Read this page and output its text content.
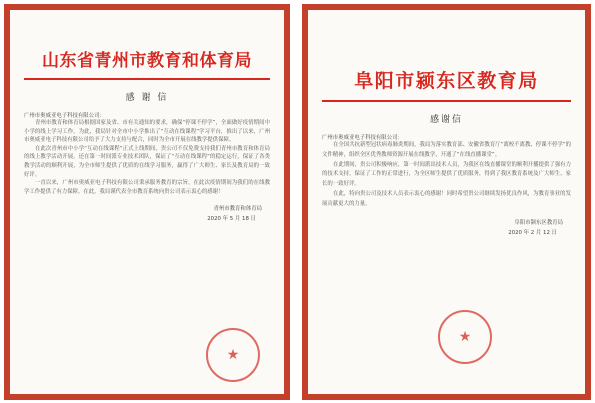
山东省青州市教育和体育局
感 谢 信
广州市奥威亚电子科技有限公司：

青州市教育和体育局根据国家及省、市有关通知的要求，确保“停课不停学”，全面做好疫情期间中小学的线上学习工作。为此，我局针对全市中小学推出了“互动在线课程”学习平台，推出了以来，广州市奥威亚电子科技有限公司给予了大力支持与配合，同时为全市开展在线教学提供保障。

在此次青州市中小学“互动在线课程”正式上线期间，贵公司不仅免费支持我们青州市教育和体育局的线上教学活动开展，还在第一时间派专业技术团队，保证了“互动在线课程”的稳定运行，保证了各类教学活动的顺利开展，为全市师生提供了优质的在线学习服务，赢得了广大师生、家长及教育局的一致好评。

一直以来，广州市奥威亚电子科技有限公司秉承服务教育的宗旨，在此次疫情期间为我们的在线教学工作提供了有力保障。在此，我局谨代表全市教育系统向贵公司表示衷心的感谢！

青州市教育和体育局
2020 年 5 月 18 日
★
阜阳市颍东区教育局
感谢信
广州市奥威亚电子科技有限公司：

在全国共抗新型冠状病毒肺炎期间，我局为落实教育部、安徽省教育厅“离校不离教、停课不停学”的文件精神，组织全区优秀教师资源开展在线教学，开通了“在线直播课堂”。

在此期间，贵公司积极响应，第一时间派出技术人员，为我区在线直播课堂的顺利开播提供了强有力的技术支持，保证了工作的正常进行，为全区师生提供了优质服务，得到了我区教育系统及广大师生、家长的一致好评。

在此，特向贵公司及技术人员表示衷心的感谢！同时希望贵公司继续发扬优良作风，为教育事业的发展贡献更大的力量。

阜阳市颍东区教育局
2020 年 2 月 12 日
★
